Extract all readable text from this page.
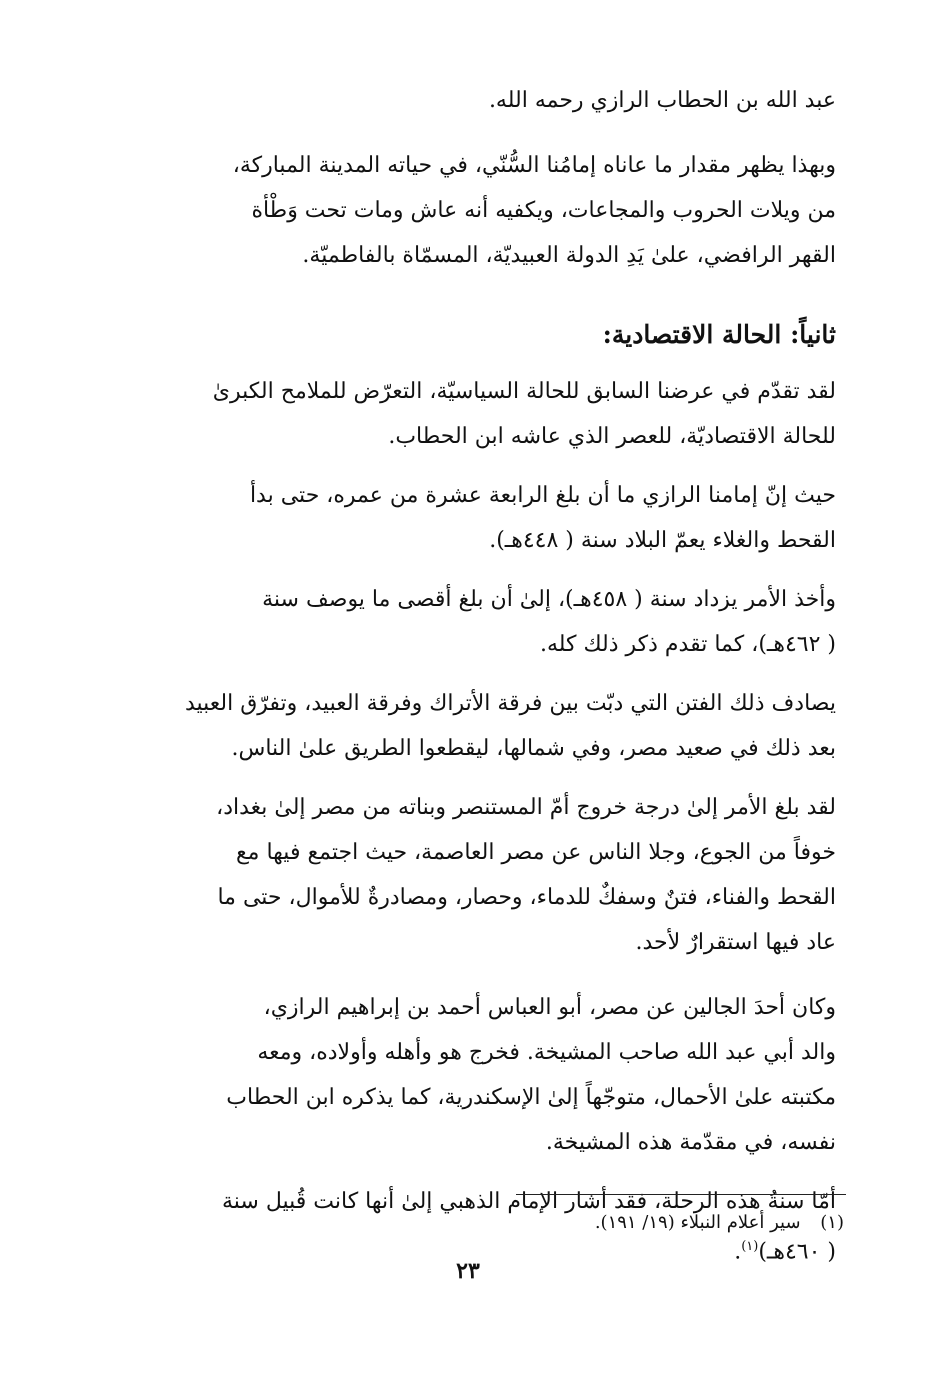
عبد الله بن الحطاب الرازي رحمه الله.

وبهذا يظهر مقدار ما عاناه إمامُنا السُّنّي، في حياته المدينة المباركة،
من ويلات الحروب والمجاعات، ويكفيه أنه عاش ومات تحت وَطْأة
القهر الرافضي، علىٰ يَدِ الدولة العبيديّة، المسمّاة بالفاطميّة.

ثانياً: الحالة الاقتصادية:

لقد تقدّم في عرضنا السابق للحالة السياسيّة، التعرّض للملامح الكبرىٰ
للحالة الاقتصاديّة، للعصر الذي عاشه ابن الحطاب.

حيث إنّ إمامنا الرازي ما أن بلغ الرابعة عشرة من عمره، حتى بدأ
القحط والغلاء يعمّ البلاد سنة ( ٤٤٨هـ).

وأخذ الأمر يزداد سنة ( ٤٥٨هـ)، إلىٰ أن بلغ أقصى ما يوصف سنة
( ٤٦٢هـ)، كما تقدم ذكر ذلك كله.

يصادف ذلك الفتن التي دبّت بين فرقة الأتراك وفرقة العبيد، وتفرّق العبيد
بعد ذلك في صعيد مصر، وفي شمالها، ليقطعوا الطريق علىٰ الناس.

لقد بلغ الأمر إلىٰ درجة خروج أمّ المستنصر وبناته من مصر إلىٰ بغداد،
خوفاً من الجوع، وجلا الناس عن مصر العاصمة، حيث اجتمع فيها مع
القحط والفناء، فتنٌ وسفكٌ للدماء، وحصار، ومصادرةٌ للأموال، حتى ما
عاد فيها استقرارٌ لأحد.

وكان أحدَ الجالين عن مصر، أبو العباس أحمد بن إبراهيم الرازي،
والد أبي عبد الله صاحب المشيخة. فخرج هو وأهله وأولاده، ومعه
مكتبته علىٰ الأحمال، متوجّهاً إلىٰ الإسكندرية، كما يذكره ابن الحطاب
نفسه، في مقدّمة هذه المشيخة.

أمّا سنةُ هذه الرحلة، فقد أشار الإمام الذهبي إلىٰ أنها كانت قُبيل سنة
( ٤٦٠هـ)$^{(١)}$.

(١) سير أعلام النبلاء (١٩/ ١٩١).
٢٣
